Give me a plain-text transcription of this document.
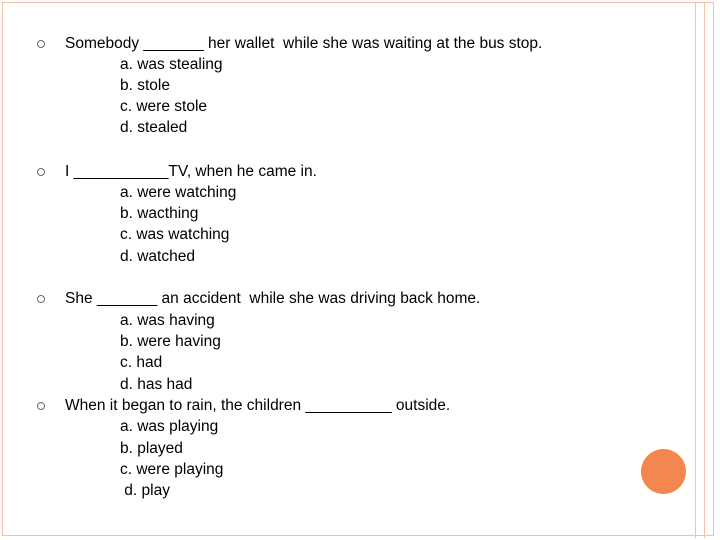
Somebody _______ her wallet  while she was waiting at the bus stop.
a. was stealing
b. stole
c. were stole
d. stealed
I ___________TV, when he came in.
a. were watching
b. wacthing
c. was watching
d. watched
She _______ an accident  while she was driving back home.
a. was having
b. were having
c. had
d. has had
When it began to rain, the children __________ outside.
a. was playing
b. played
c. were playing
d. play
